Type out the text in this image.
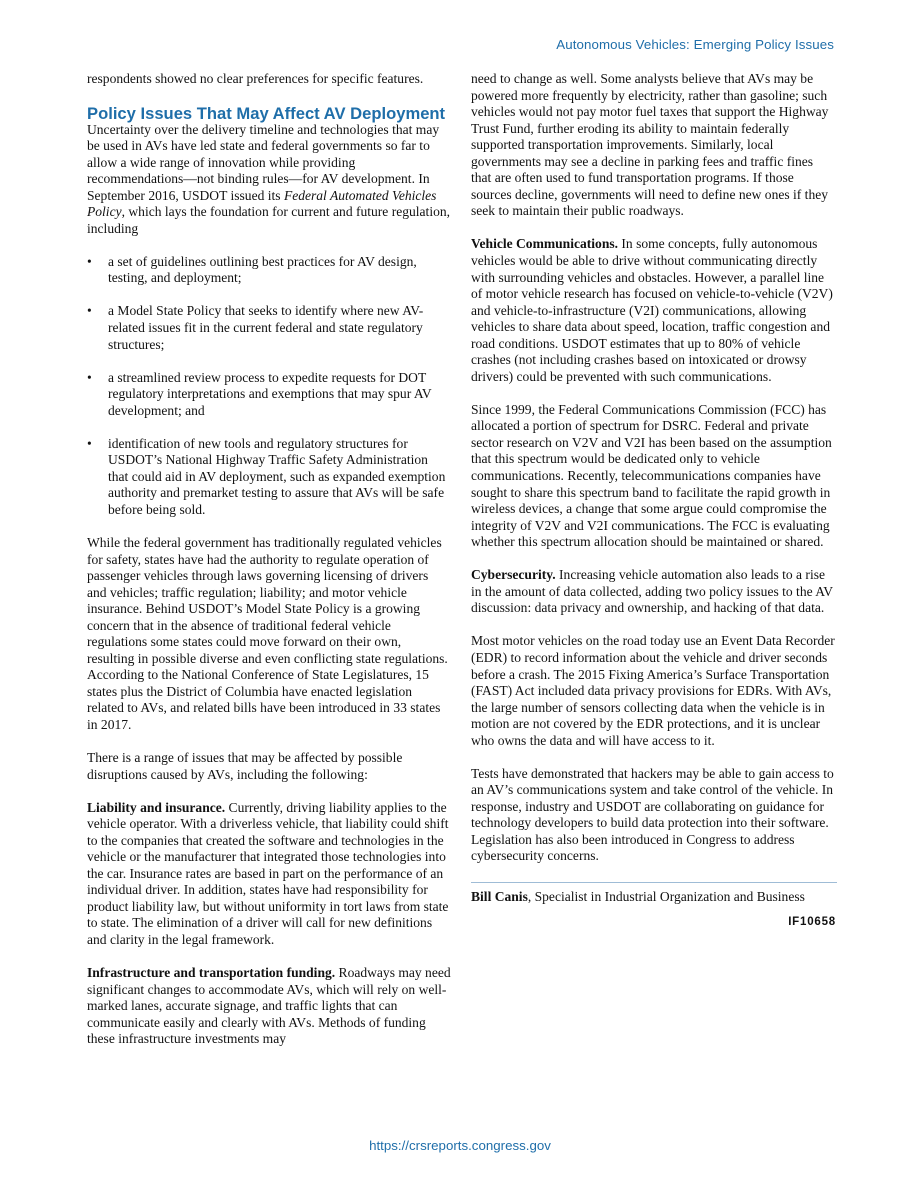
Autonomous Vehicles: Emerging Policy Issues

respondents showed no clear preferences for specific features.

Policy Issues That May Affect AV Deployment

Uncertainty over the delivery timeline and technologies that may be used in AVs have led state and federal governments so far to allow a wide range of innovation while providing recommendations—not binding rules—for AV development. In September 2016, USDOT issued its Federal Automated Vehicles Policy, which lays the foundation for current and future regulation, including

• a set of guidelines outlining best practices for AV design, testing, and deployment;
• a Model State Policy that seeks to identify where new AV-related issues fit in the current federal and state regulatory structures;
• a streamlined review process to expedite requests for DOT regulatory interpretations and exemptions that may spur AV development; and
• identification of new tools and regulatory structures for USDOT’s National Highway Traffic Safety Administration that could aid in AV deployment, such as expanded exemption authority and premarket testing to assure that AVs will be safe before being sold.

While the federal government has traditionally regulated vehicles for safety, states have had the authority to regulate operation of passenger vehicles through laws governing licensing of drivers and vehicles; traffic regulation; liability; and motor vehicle insurance. Behind USDOT’s Model State Policy is a growing concern that in the absence of traditional federal vehicle regulations some states could move forward on their own, resulting in possible diverse and even conflicting state regulations. According to the National Conference of State Legislatures, 15 states plus the District of Columbia have enacted legislation related to AVs, and related bills have been introduced in 33 states in 2017.

There is a range of issues that may be affected by possible disruptions caused by AVs, including the following:

Liability and insurance. Currently, driving liability applies to the vehicle operator. With a driverless vehicle, that liability could shift to the companies that created the software and technologies in the vehicle or the manufacturer that integrated those technologies into the car. Insurance rates are based in part on the performance of an individual driver. In addition, states have had responsibility for product liability law, but without uniformity in tort laws from state to state. The elimination of a driver will call for new definitions and clarity in the legal framework.

Infrastructure and transportation funding. Roadways may need significant changes to accommodate AVs, which will rely on well-marked lanes, accurate signage, and traffic lights that can communicate easily and clearly with AVs. Methods of funding these infrastructure investments may

need to change as well. Some analysts believe that AVs may be powered more frequently by electricity, rather than gasoline; such vehicles would not pay motor fuel taxes that support the Highway Trust Fund, further eroding its ability to maintain federally supported transportation improvements. Similarly, local governments may see a decline in parking fees and traffic fines that are often used to fund transportation programs. If those sources decline, governments will need to define new ones if they seek to maintain their public roadways.

Vehicle Communications. In some concepts, fully autonomous vehicles would be able to drive without communicating directly with surrounding vehicles and obstacles. However, a parallel line of motor vehicle research has focused on vehicle-to-vehicle (V2V) and vehicle-to-infrastructure (V2I) communications, allowing vehicles to share data about speed, location, traffic congestion and road conditions. USDOT estimates that up to 80% of vehicle crashes (not including crashes based on intoxicated or drowsy drivers) could be prevented with such communications.

Since 1999, the Federal Communications Commission (FCC) has allocated a portion of spectrum for DSRC. Federal and private sector research on V2V and V2I has been based on the assumption that this spectrum would be dedicated only to vehicle communications. Recently, telecommunications companies have sought to share this spectrum band to facilitate the rapid growth in wireless devices, a change that some argue could compromise the integrity of V2V and V2I communications. The FCC is evaluating whether this spectrum allocation should be maintained or shared.

Cybersecurity. Increasing vehicle automation also leads to a rise in the amount of data collected, adding two policy issues to the AV discussion: data privacy and ownership, and hacking of that data.

Most motor vehicles on the road today use an Event Data Recorder (EDR) to record information about the vehicle and driver seconds before a crash. The 2015 Fixing America’s Surface Transportation (FAST) Act included data privacy provisions for EDRs. With AVs, the large number of sensors collecting data when the vehicle is in motion are not covered by the EDR protections, and it is unclear who owns the data and will have access to it.

Tests have demonstrated that hackers may be able to gain access to an AV’s communications system and take control of the vehicle. In response, industry and USDOT are collaborating on guidance for technology developers to build data protection into their software. Legislation has also been introduced in Congress to address cybersecurity concerns.

Bill Canis, Specialist in Industrial Organization and Business

IF10658
https://crsreports.congress.gov
